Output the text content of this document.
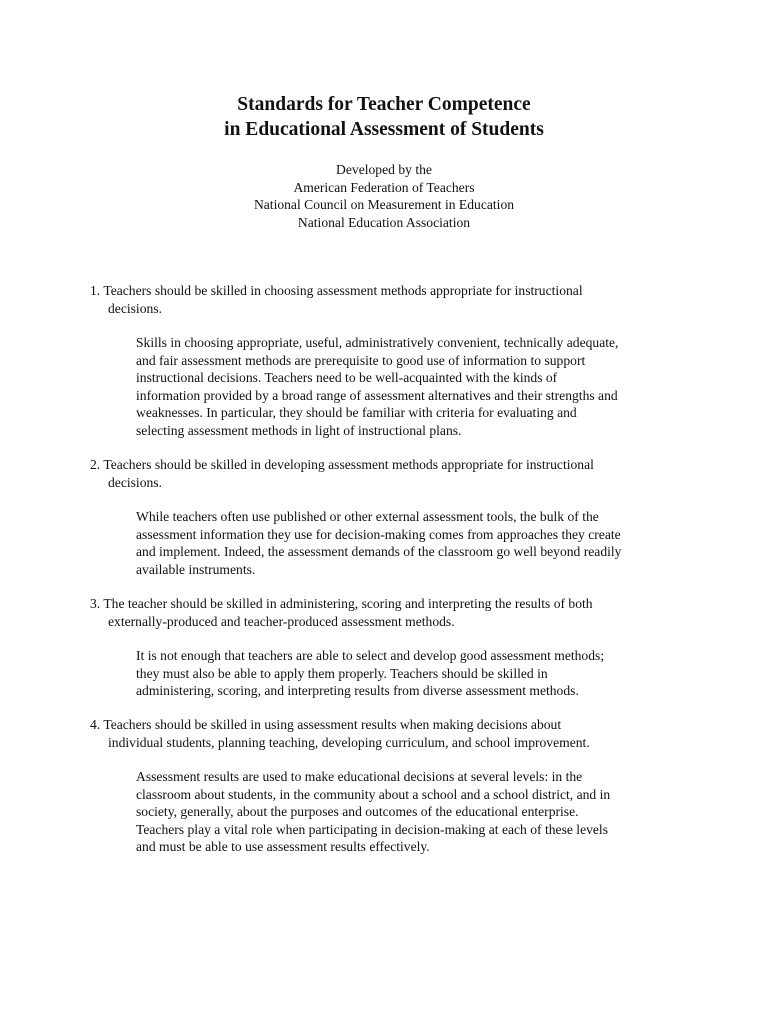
Standards for Teacher Competence
in Educational Assessment of Students
Developed by the
American Federation of Teachers
National Council on Measurement in Education
National Education Association
1. Teachers should be skilled in choosing assessment methods appropriate for instructional
decisions.
Skills in choosing appropriate, useful, administratively convenient, technically adequate,
and fair assessment methods are prerequisite to good use of information to support
instructional decisions. Teachers need to be well-acquainted with the kinds of
information provided by a broad range of assessment alternatives and their strengths and
weaknesses. In particular, they should be familiar with criteria for evaluating and
selecting assessment methods in light of instructional plans.
2. Teachers should be skilled in developing assessment methods appropriate for instructional
decisions.
While teachers often use published or other external assessment tools, the bulk of the
assessment information they use for decision-making comes from approaches they create
and implement. Indeed, the assessment demands of the classroom go well beyond readily
available instruments.
3. The teacher should be skilled in administering, scoring and interpreting the results of both
externally-produced and teacher-produced assessment methods.
It is not enough that teachers are able to select and develop good assessment methods;
they must also be able to apply them properly. Teachers should be skilled in
administering, scoring, and interpreting results from diverse assessment methods.
4. Teachers should be skilled in using assessment results when making decisions about
individual students, planning teaching, developing curriculum, and school improvement.
Assessment results are used to make educational decisions at several levels: in the
classroom about students, in the community about a school and a school district, and in
society, generally, about the purposes and outcomes of the educational enterprise.
Teachers play a vital role when participating in decision-making at each of these levels
and must be able to use assessment results effectively.
